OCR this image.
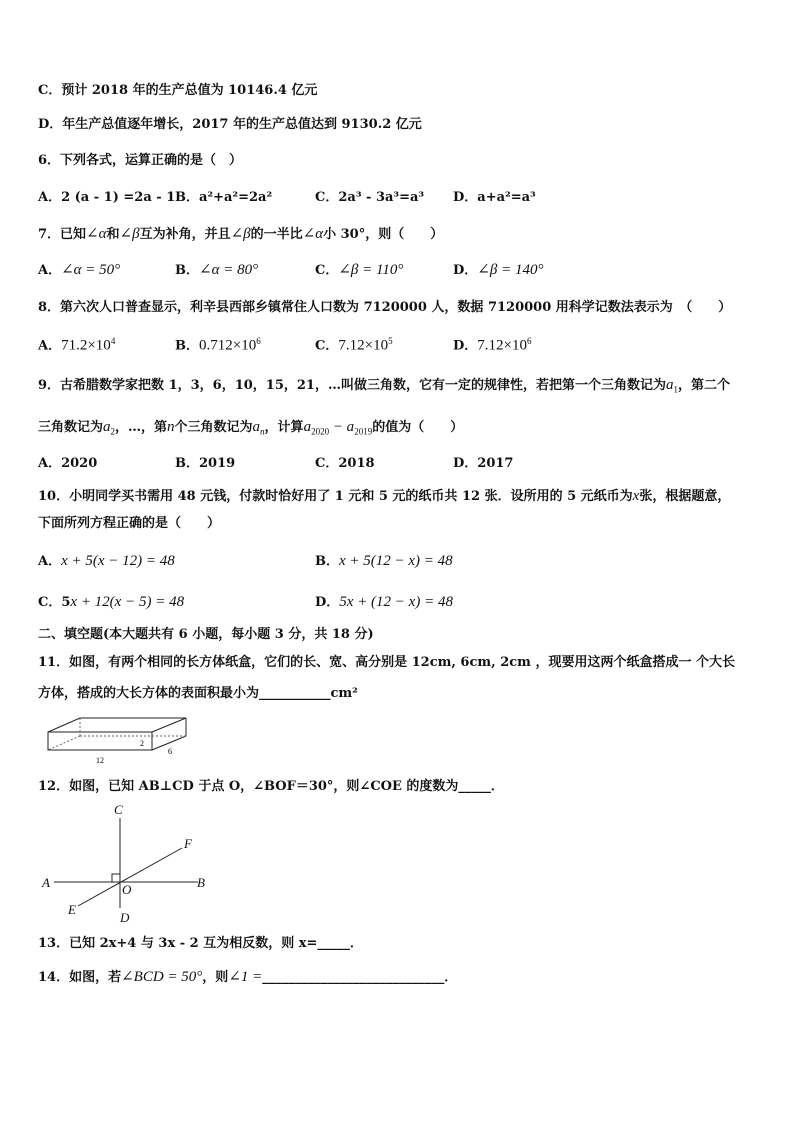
C．预计 2018 年的生产总值为 10146.4 亿元
D．年生产总值逐年增长，2017 年的生产总值达到 9130.2 亿元
6．下列各式，运算正确的是（　）
A．2 (a - 1) =2a - 1 B．a²+a²=2a²	C．2a³ - 3a³=a³ D．a+a²=a³
7．已知∠α和∠β互为补角，并且∠β的一半比∠α小 30°，则（　　）
A．∠α = 50°	B．∠α = 80°	C．∠β = 110°	D．∠β = 140°
8．第六次人口普查显示，利辛县西部乡镇常住人口数为 7120000 人，数据 7120000 用科学记数法表示为　（　　）
A．$71.2\times 10^4$	B．$0.712\times 10^6$	C．$7.12\times 10^5$	D．$7.12\times 10^6$
9．古希腊数学家把数 1，3，6，10，15，21，…叫做三角数，它有一定的规律性，若把第一个三角数记为$a_1$，第二个
三角数记为$a_2$，…，第n个三角数记为$a_n$，计算$a_{2020} - a_{2019}$的值为（　　）
A．2020	B．2019	C．2018	D．2017
10．小明同学买书需用 48 元钱，付款时恰好用了 1 元和 5 元的纸币共 12 张．设所用的 5 元纸币为x张，根据题意，
下面所列方程正确的是（　　）
A．x + 5(x − 12) = 48	B．x + 5(12 − x) = 48
C．5x + 12(x − 5) = 48	D．5x + (12 − x) = 48
二、填空题(本大题共有 6 小题，每小题 3 分，共 18 分)
11．如图，有两个相同的长方体纸盒，它们的长、宽、高分别是 12cm, 6cm, 2cm ，现要用这两个纸盒搭成一 个大长
方体，搭成的大长方体的表面积最小为___________cm²
12
2
6
12．如图，已知 AB⊥CD 于点 O，∠BOF＝30°，则∠COE 的度数为_____．
C
D
A	B
E
F
O
13．已知 2x+4 与 3x - 2 互为相反数，则 x=_____．
14．如图，若∠BCD = 50°，则∠1 =____________________________．
